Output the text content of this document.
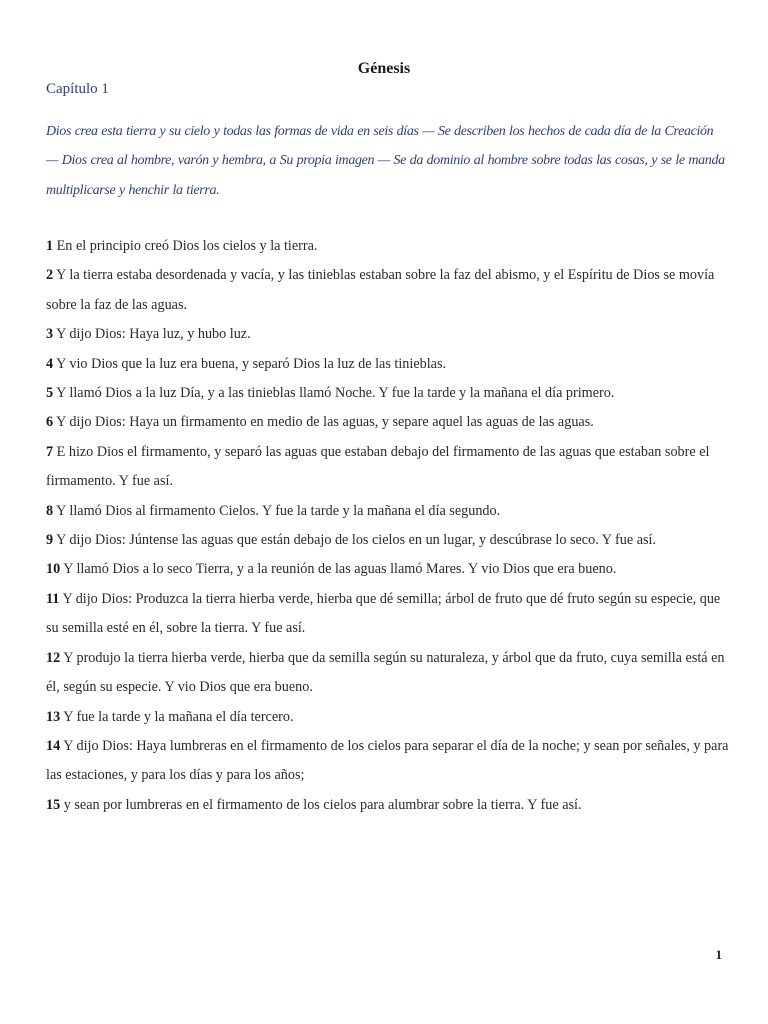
Génesis
Capítulo 1

Dios crea esta tierra y su cielo y todas las formas de vida en seis días — Se describen los hechos de cada día de la Creación — Dios crea al hombre, varón y hembra, a Su propia imagen — Se da dominio al hombre sobre todas las cosas, y se le manda multiplicarse y henchir la tierra.

1 En el principio creó Dios los cielos y la tierra.
2 Y la tierra estaba desordenada y vacía, y las tinieblas estaban sobre la faz del abismo, y el Espíritu de Dios se movía sobre la faz de las aguas.
3 Y dijo Dios: Haya luz, y hubo luz.
4 Y vio Dios que la luz era buena, y separó Dios la luz de las tinieblas.
5 Y llamó Dios a la luz Día, y a las tinieblas llamó Noche. Y fue la tarde y la mañana el día primero.
6 Y dijo Dios: Haya un firmamento en medio de las aguas, y separe aquel las aguas de las aguas.
7 E hizo Dios el firmamento, y separó las aguas que estaban debajo del firmamento de las aguas que estaban sobre el firmamento. Y fue así.
8 Y llamó Dios al firmamento Cielos. Y fue la tarde y la mañana el día segundo.
9 Y dijo Dios: Júntense las aguas que están debajo de los cielos en un lugar, y descúbrase lo seco. Y fue así.
10 Y llamó Dios a lo seco Tierra, y a la reunión de las aguas llamó Mares. Y vio Dios que era bueno.
11 Y dijo Dios: Produzca la tierra hierba verde, hierba que dé semilla; árbol de fruto que dé fruto según su especie, que su semilla esté en él, sobre la tierra. Y fue así.
12 Y produjo la tierra hierba verde, hierba que da semilla según su naturaleza, y árbol que da fruto, cuya semilla está en él, según su especie. Y vio Dios que era bueno.
13 Y fue la tarde y la mañana el día tercero.
14 Y dijo Dios: Haya lumbreras en el firmamento de los cielos para separar el día de la noche; y sean por señales, y para las estaciones, y para los días y para los años;
15 y sean por lumbreras en el firmamento de los cielos para alumbrar sobre la tierra. Y fue así.
1
